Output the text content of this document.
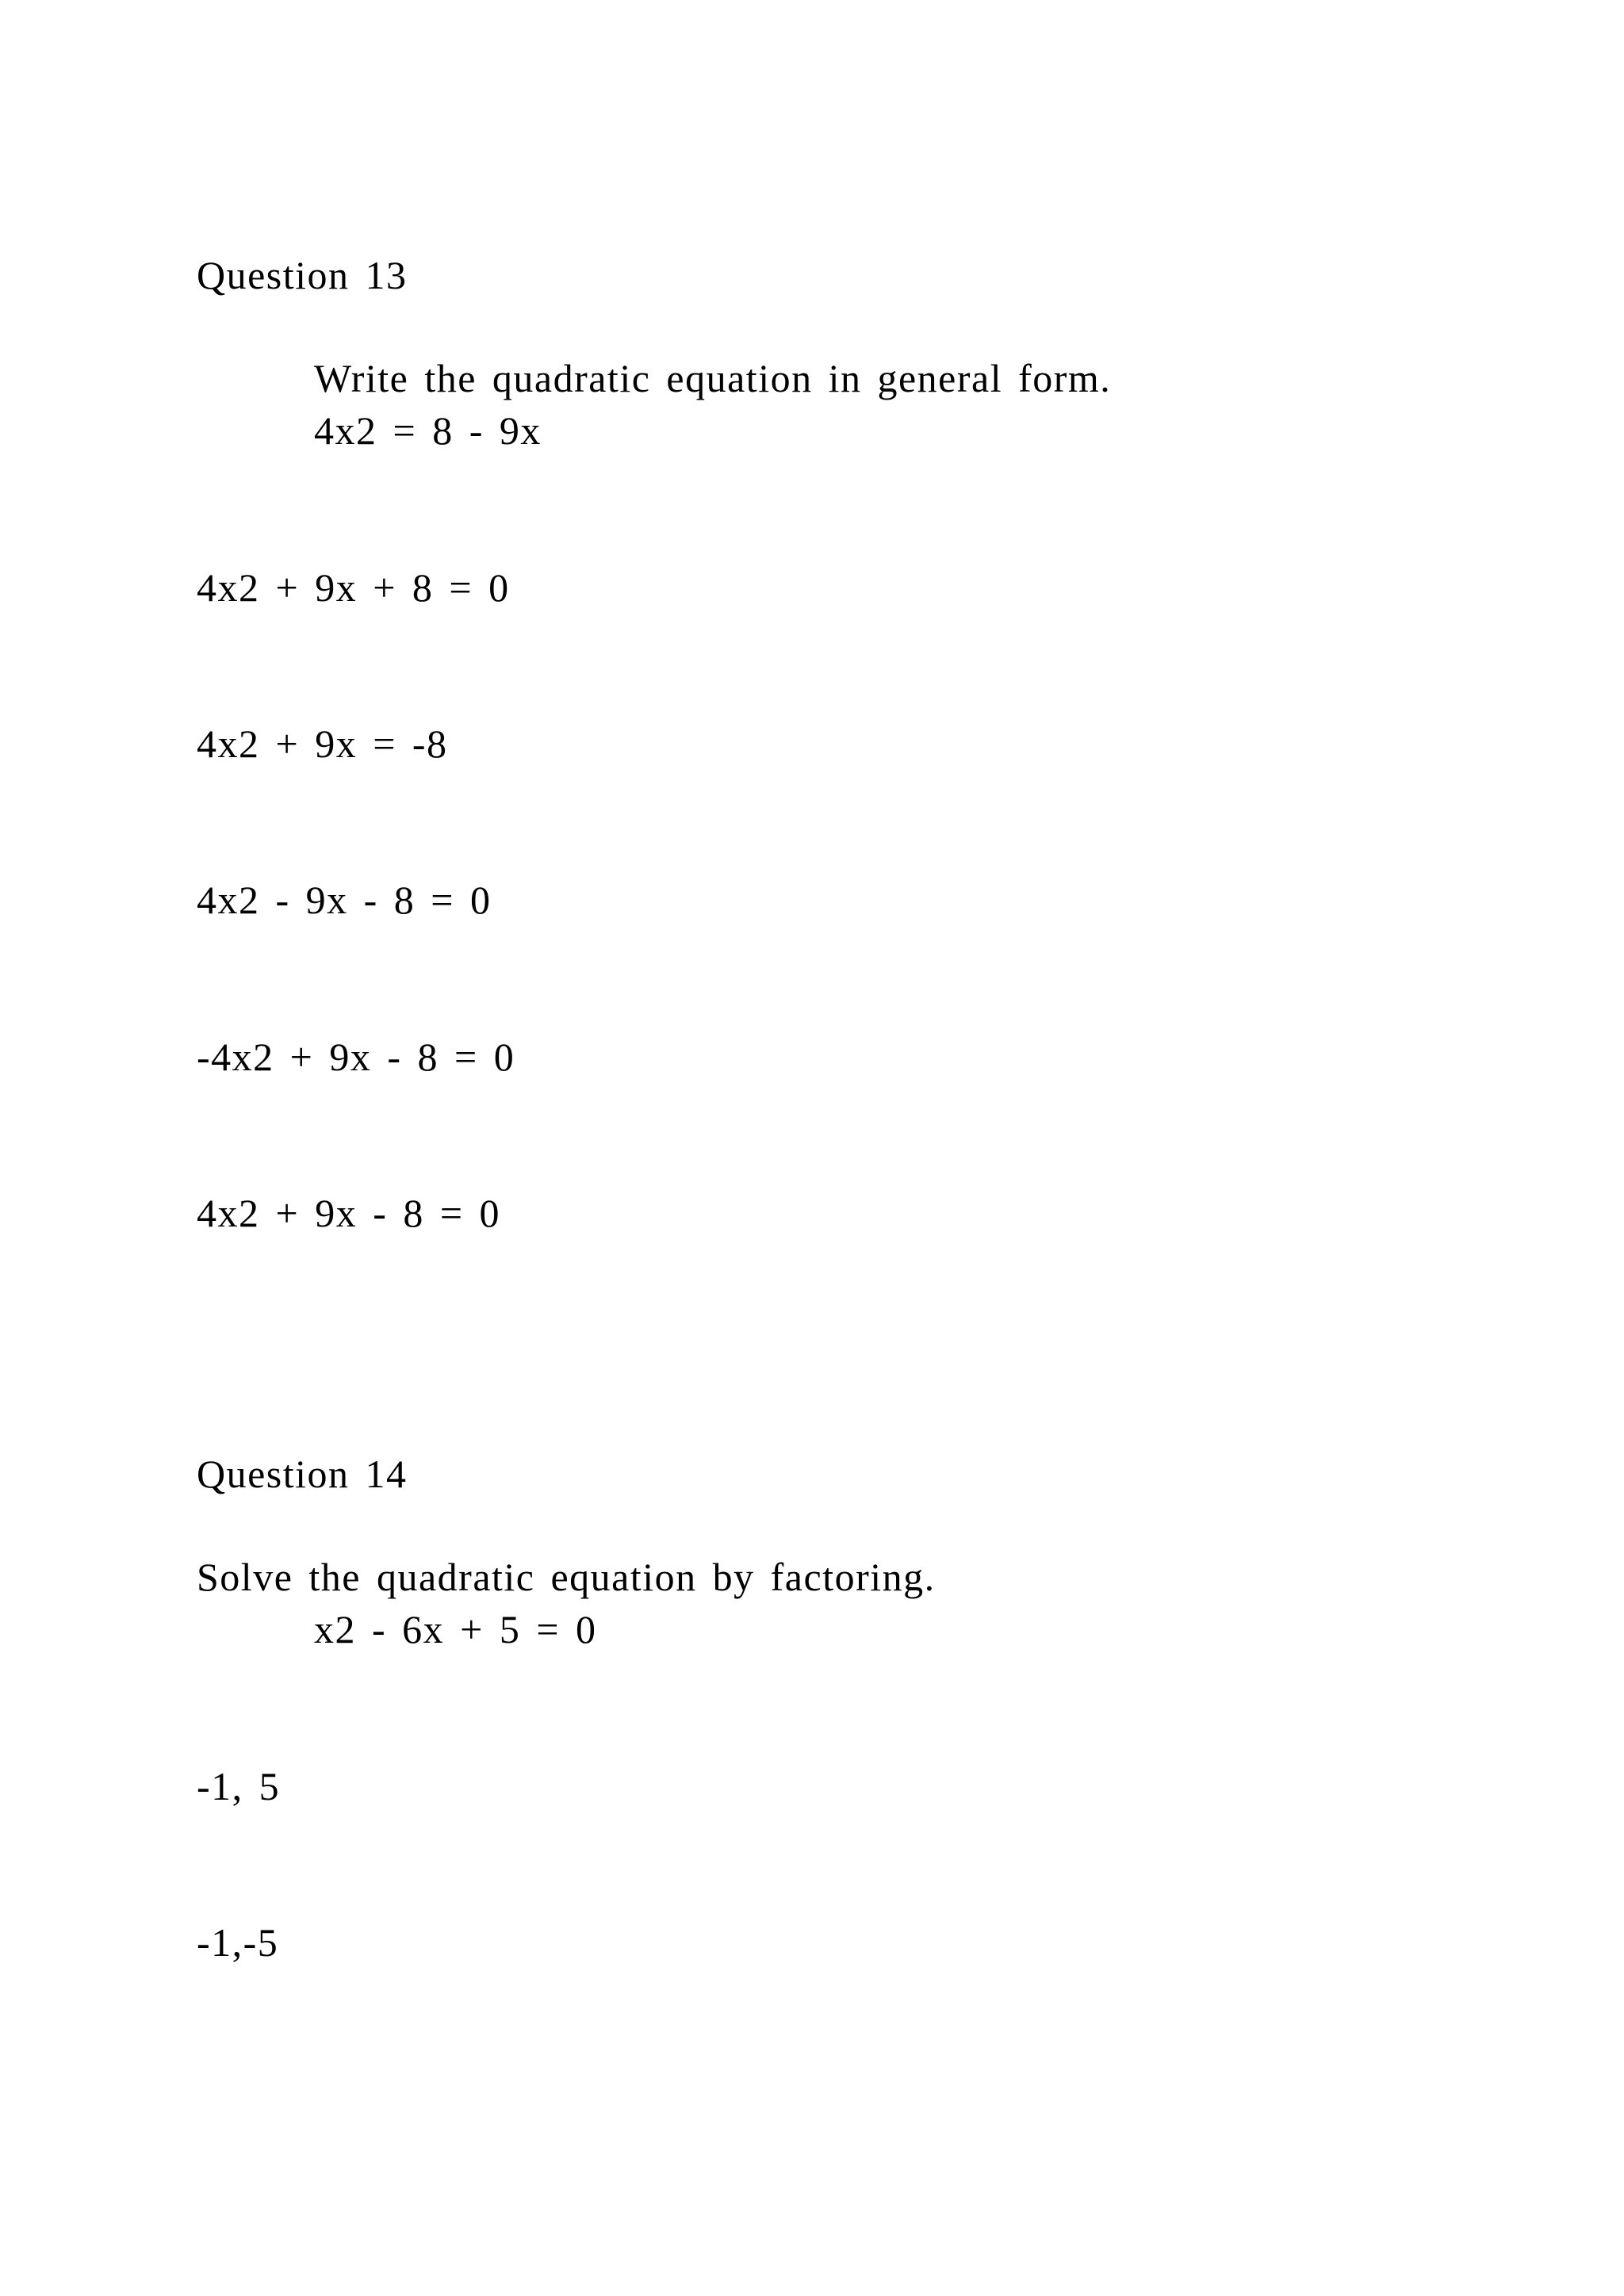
Question 13
Write the quadratic equation in general form.
4x2 = 8 - 9x
4x2 + 9x + 8 = 0
4x2 + 9x = -8
4x2 - 9x - 8 = 0
-4x2 + 9x - 8 = 0
4x2 + 9x - 8 = 0
Question 14
Solve the quadratic equation by factoring.
x2 - 6x + 5 = 0
-1, 5
-1,-5
